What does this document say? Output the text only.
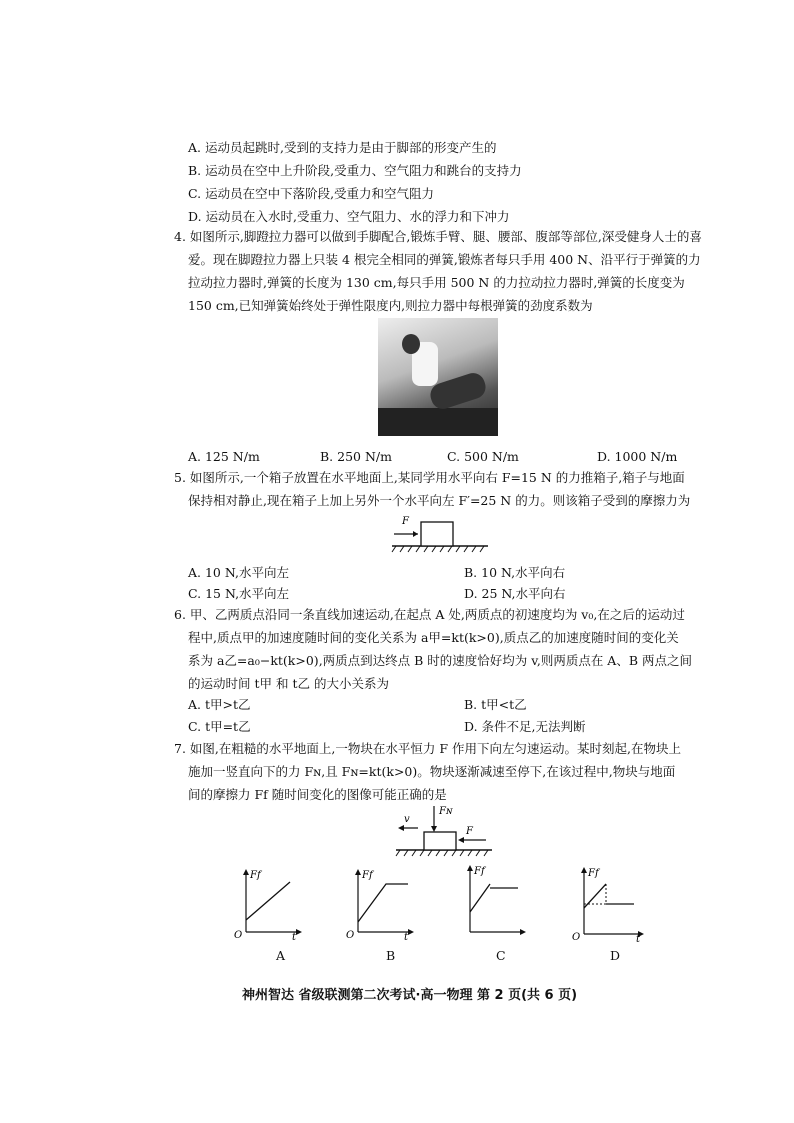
A. 运动员起跳时,受到的支持力是由于脚部的形变产生的
B. 运动员在空中上升阶段,受重力、空气阻力和跳台的支持力
C. 运动员在空中下落阶段,受重力和空气阻力
D. 运动员在入水时,受重力、空气阻力、水的浮力和下冲力
4. 如图所示,脚蹬拉力器可以做到手脚配合,锻炼手臂、腿、腰部、腹部等部位,深受健身人士的喜
爱。现在脚蹬拉力器上只装 4 根完全相同的弹簧,锻炼者每只手用 400 N、沿平行于弹簧的力
拉动拉力器时,弹簧的长度为 130 cm,每只手用 500 N 的力拉动拉力器时,弹簧的长度变为
150 cm,已知弹簧始终处于弹性限度内,则拉力器中每根弹簧的劲度系数为
A. 125 N/m	B. 250 N/m	C. 500 N/m	D. 1000 N/m
5. 如图所示,一个箱子放置在水平地面上,某同学用水平向右 F=15 N 的力推箱子,箱子与地面
保持相对静止,现在箱子上加上另外一个水平向左 F′=25 N 的力。则该箱子受到的摩擦力为
F
A. 10 N,水平向左	B. 10 N,水平向右
C. 15 N,水平向左	D. 25 N,水平向右
6. 甲、乙两质点沿同一条直线加速运动,在起点 A 处,两质点的初速度均为 v₀,在之后的运动过
程中,质点甲的加速度随时间的变化关系为 a甲=kt(k>0),质点乙的加速度随时间的变化关
系为 a乙=a₀−kt(k>0),两质点到达终点 B 时的速度恰好均为 v,则两质点在 A、B 两点之间
的运动时间 t甲 和 t乙 的大小关系为
A. t甲>t乙	B. t甲<t乙
C. t甲=t乙	D. 条件不足,无法判断
7. 如图,在粗糙的水平地面上,一物块在水平恒力 F 作用下向左匀速运动。某时刻起,在物块上
施加一竖直向下的力 Fɴ,且 Fɴ=kt(k>0)。物块逐渐减速至停下,在该过程中,物块与地面
间的摩擦力 Ff 随时间变化的图像可能正确的是
v
Fɴ
F
Ff
t
O
Ff
t
O
Ff	Ff
t
O
A	B	C	D
神州智达 省级联测第二次考试·高一物理 第 2 页(共 6 页)
